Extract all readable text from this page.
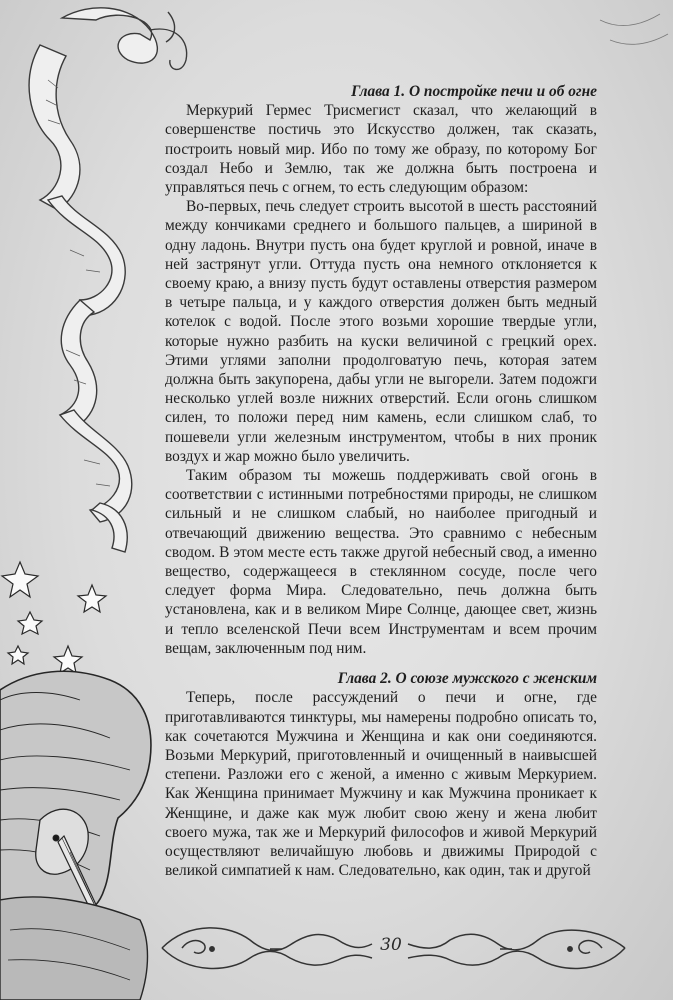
Глава 1. О постройке печи и об огне

Меркурий Гермес Трисмегист сказал, что желающий в совершенстве постичь это Искусство должен, так сказать, построить новый мир. Ибо по тому же образу, по которому Бог создал Небо и Землю, так же должна быть построена и управляться печь с огнем, то есть следующим образом:

Во-первых, печь следует строить высотой в шесть расстояний между кончиками среднего и большого пальцев, а шириной в одну ладонь. Внутри пусть она будет круглой и ровной, иначе в ней застрянут угли. Оттуда пусть она немного отклоняется к своему краю, а внизу пусть будут оставлены отверстия размером в четыре пальца, и у каждого отверстия должен быть медный котелок с водой. После этого возьми хорошие твердые угли, которые нужно разбить на куски величиной с грецкий орех. Этими углями заполни продолговатую печь, которая затем должна быть закупорена, дабы угли не выгорели. Затем подожги несколько углей возле нижних отверстий. Если огонь слишком силен, то положи перед ним камень, если слишком слаб, то пошевели угли железным инструментом, чтобы в них проник воздух и жар можно было увеличить.

Таким образом ты можешь поддерживать свой огонь в соответствии с истинными потребностями природы, не слишком сильный и не слишком слабый, но наиболее пригодный и отвечающий движению вещества. Это сравнимо с небесным сводом. В этом месте есть также другой небесный свод, а именно вещество, содержащееся в стеклянном сосуде, после чего следует форма Мира. Следовательно, печь должна быть установлена, как и в великом Мире Солнце, дающее свет, жизнь и тепло вселенской Печи всем Инструментам и всем прочим вещам, заключенным под ним.

Глава 2. О союзе мужского с женским

Теперь, после рассуждений о печи и огне, где приготавливаются тинктуры, мы намерены подробно описать то, как сочетаются Мужчина и Женщина и как они соединяются. Возьми Меркурий, приготовленный и очищенный в наивысшей степени. Разложи его с женой, а именно с живым Меркурием. Как Женщина принимает Мужчину и как Мужчина проникает к Женщине, и даже как муж любит свою жену и жена любит своего мужа, так же и Меркурий философов и живой Меркурий осуществляют величайшую любовь и движимы Природой с великой симпатией к нам. Следовательно, как один, так и другой

30
